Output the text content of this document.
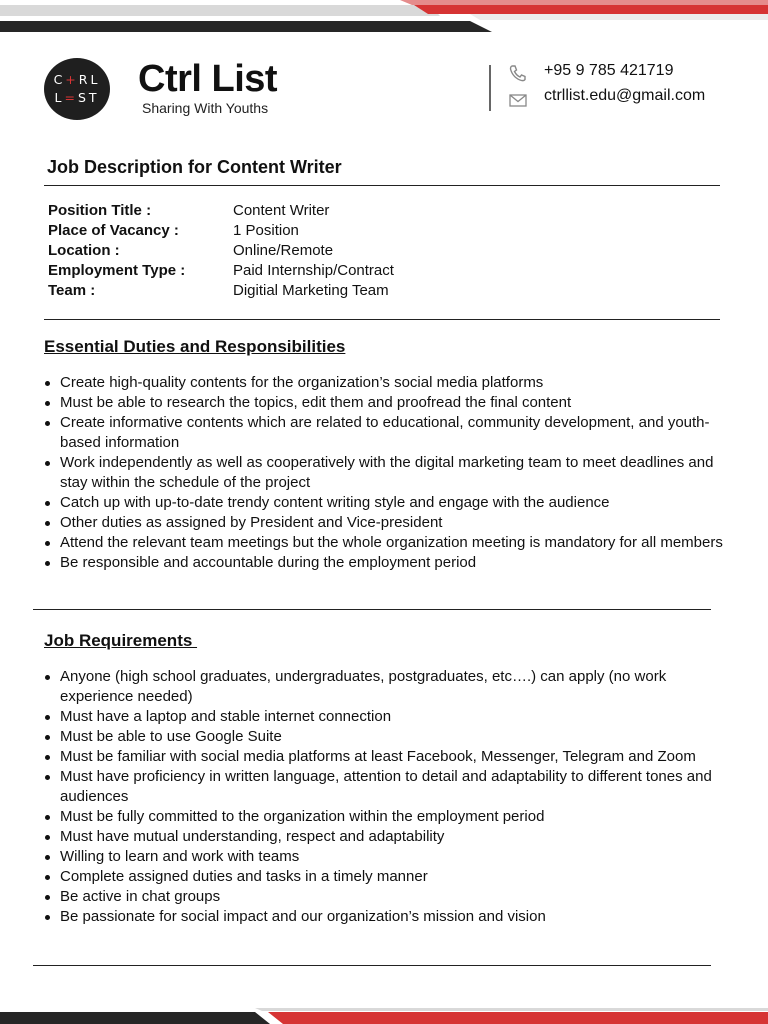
C+RL
L=ST Ctrl List
Sharing With Youths
+95 9 785 421719
ctrllist.edu@gmail.com
Job Description for Content Writer
Position Title :	Content Writer
Place of Vacancy :	1 Position
Location :	Online/Remote
Employment Type :	Paid Internship/Contract
Team :	Digitial Marketing Team
Essential Duties and Responsibilities
Create high-quality contents for the organization’s social media platforms
Must be able to research the topics, edit them and proofread the final content
Create informative contents which are related to educational, community development, and youth-based information
Work independently as well as cooperatively with the digital marketing team to meet deadlines and stay within the schedule of the project
Catch up with up-to-date trendy content writing style and engage with the audience
Other duties as assigned by President and Vice-president
Attend the relevant team meetings but the whole organization meeting is mandatory for all members
Be responsible and accountable during the employment period
Job Requirements
Anyone (high school graduates, undergraduates, postgraduates, etc….) can apply (no work experience needed)
Must have a laptop and stable internet connection
Must be able to use Google Suite
Must be familiar with social media platforms at least Facebook, Messenger, Telegram and Zoom
Must have proficiency in written language, attention to detail and adaptability to different tones and audiences
Must be fully committed to the organization within the employment period
Must have mutual understanding, respect and adaptability
Willing to learn and work with teams
Complete assigned duties and tasks in a timely manner
Be active in chat groups
Be passionate for social impact and our organization’s mission and vision
